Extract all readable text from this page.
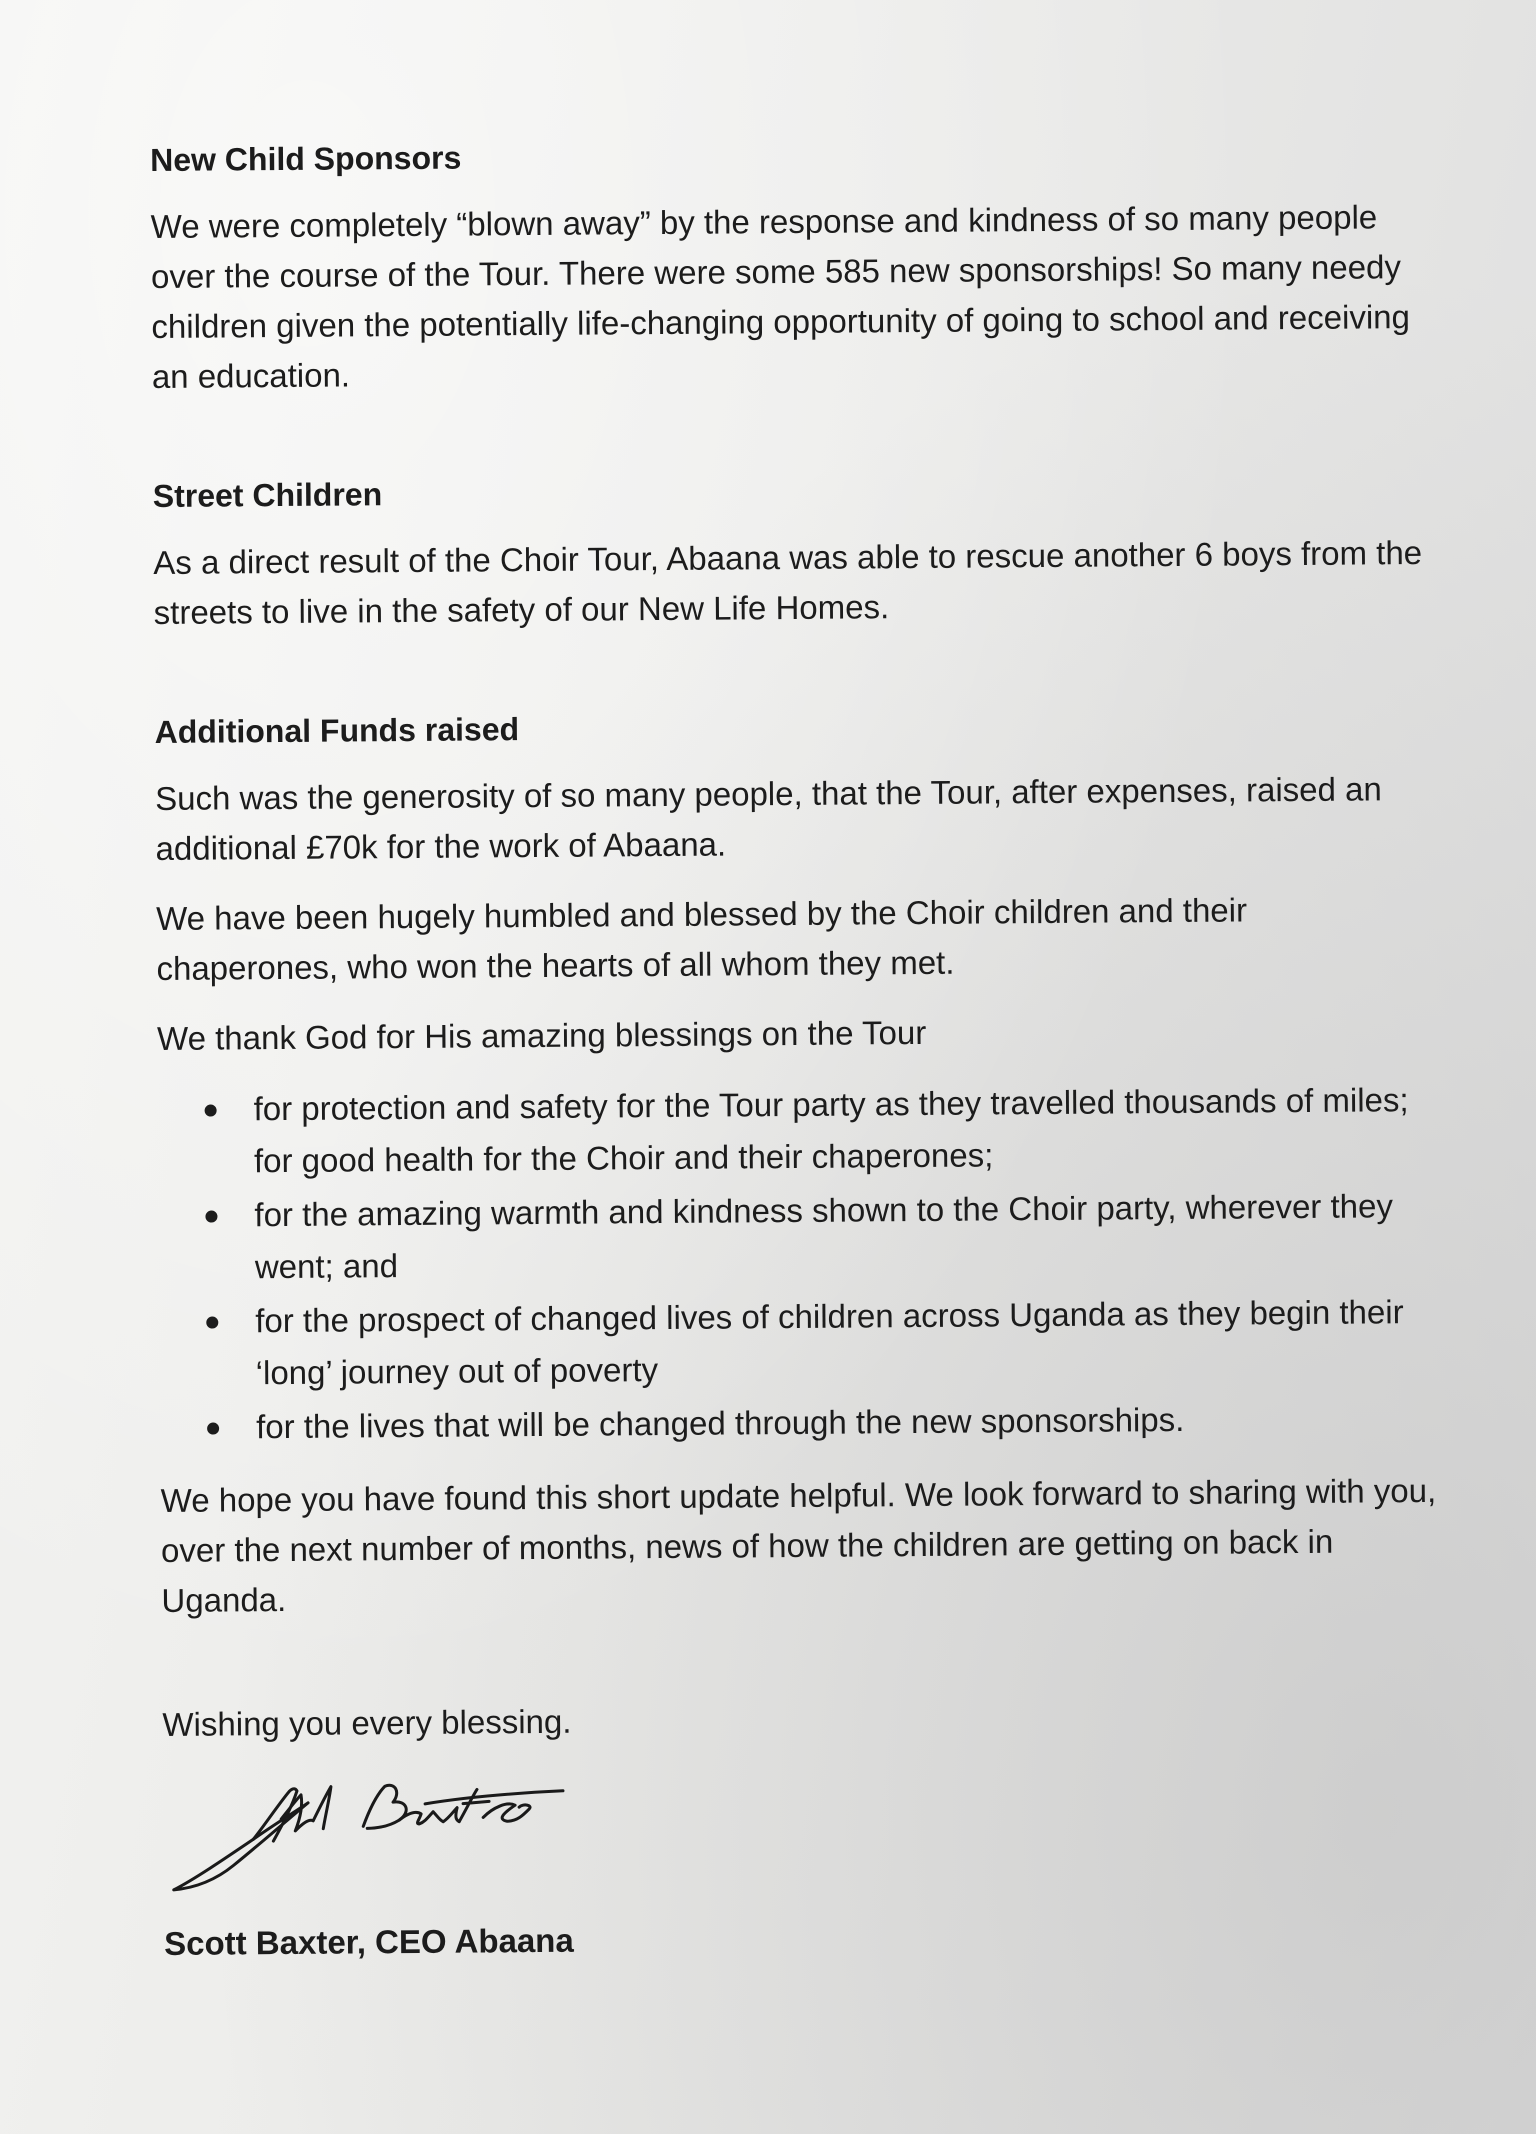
New Child Sponsors

We were completely “blown away” by the response and kindness of so many people over the course of the Tour. There were some 585 new sponsorships! So many needy children given the potentially life-changing opportunity of going to school and receiving an education.

Street Children

As a direct result of the Choir Tour, Abaana was able to rescue another 6 boys from the streets to live in the safety of our New Life Homes.

Additional Funds raised

Such was the generosity of so many people, that the Tour, after expenses, raised an additional £70k for the work of Abaana.

We have been hugely humbled and blessed by the Choir children and their chaperones, who won the hearts of all whom they met.

We thank God for His amazing blessings on the Tour

for protection and safety for the Tour party as they travelled thousands of miles; for good health for the Choir and their chaperones;
for the amazing warmth and kindness shown to the Choir party, wherever they went; and
for the prospect of changed lives of children across Uganda as they begin their ‘long’ journey out of poverty
for the lives that will be changed through the new sponsorships.

We hope you have found this short update helpful. We look forward to sharing with you, over the next number of months, news of how the children are getting on back in Uganda.

Wishing you every blessing.

Scott Baxter, CEO Abaana
